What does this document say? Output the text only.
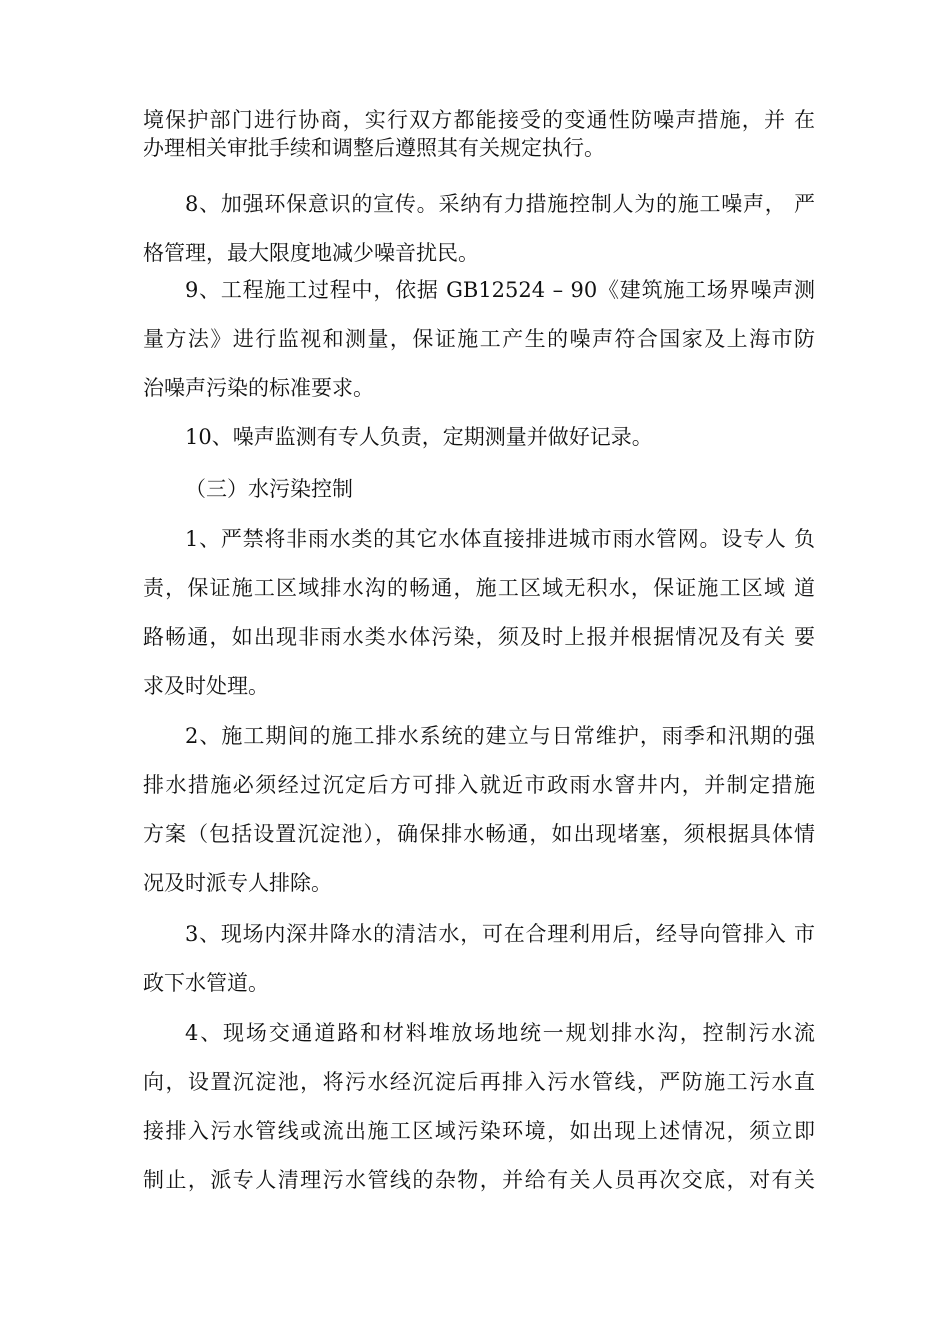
境保护部门进行协商，实行双方都能接受的变通性防噪声措施，并 在
办理相关审批手续和调整后遵照其有关规定执行。
8、加强环保意识的宣传。采纳有力措施控制人为的施工噪声， 严
格管理，最大限度地减少噪音扰民。
9、工程施工过程中，依据 GB12524 – 90《建筑施工场界噪声测
量方法》进行监视和测量，保证施工产生的噪声符合国家及上海市防
治噪声污染的标准要求。
10、噪声监测有专人负责，定期测量并做好记录。
（三）水污染控制
1、严禁将非雨水类的其它水体直接排进城市雨水管网。设专人 负
责，保证施工区域排水沟的畅通，施工区域无积水，保证施工区域 道
路畅通，如出现非雨水类水体污染，须及时上报并根据情况及有关 要
求及时处理。
2、施工期间的施工排水系统的建立与日常维护，雨季和汛期的强
排水措施必须经过沉定后方可排入就近市政雨水窨井内，并制定措施
方案（包括设置沉淀池），确保排水畅通，如出现堵塞，须根据具体情
况及时派专人排除。
3、现场内深井降水的清洁水，可在合理利用后，经导向管排入 市
政下水管道。
4、现场交通道路和材料堆放场地统一规划排水沟，控制污水流
向，设置沉淀池，将污水经沉淀后再排入污水管线，严防施工污水直
接排入污水管线或流出施工区域污染环境，如出现上述情况，须立即
制止，派专人清理污水管线的杂物，并给有关人员再次交底，对有关
